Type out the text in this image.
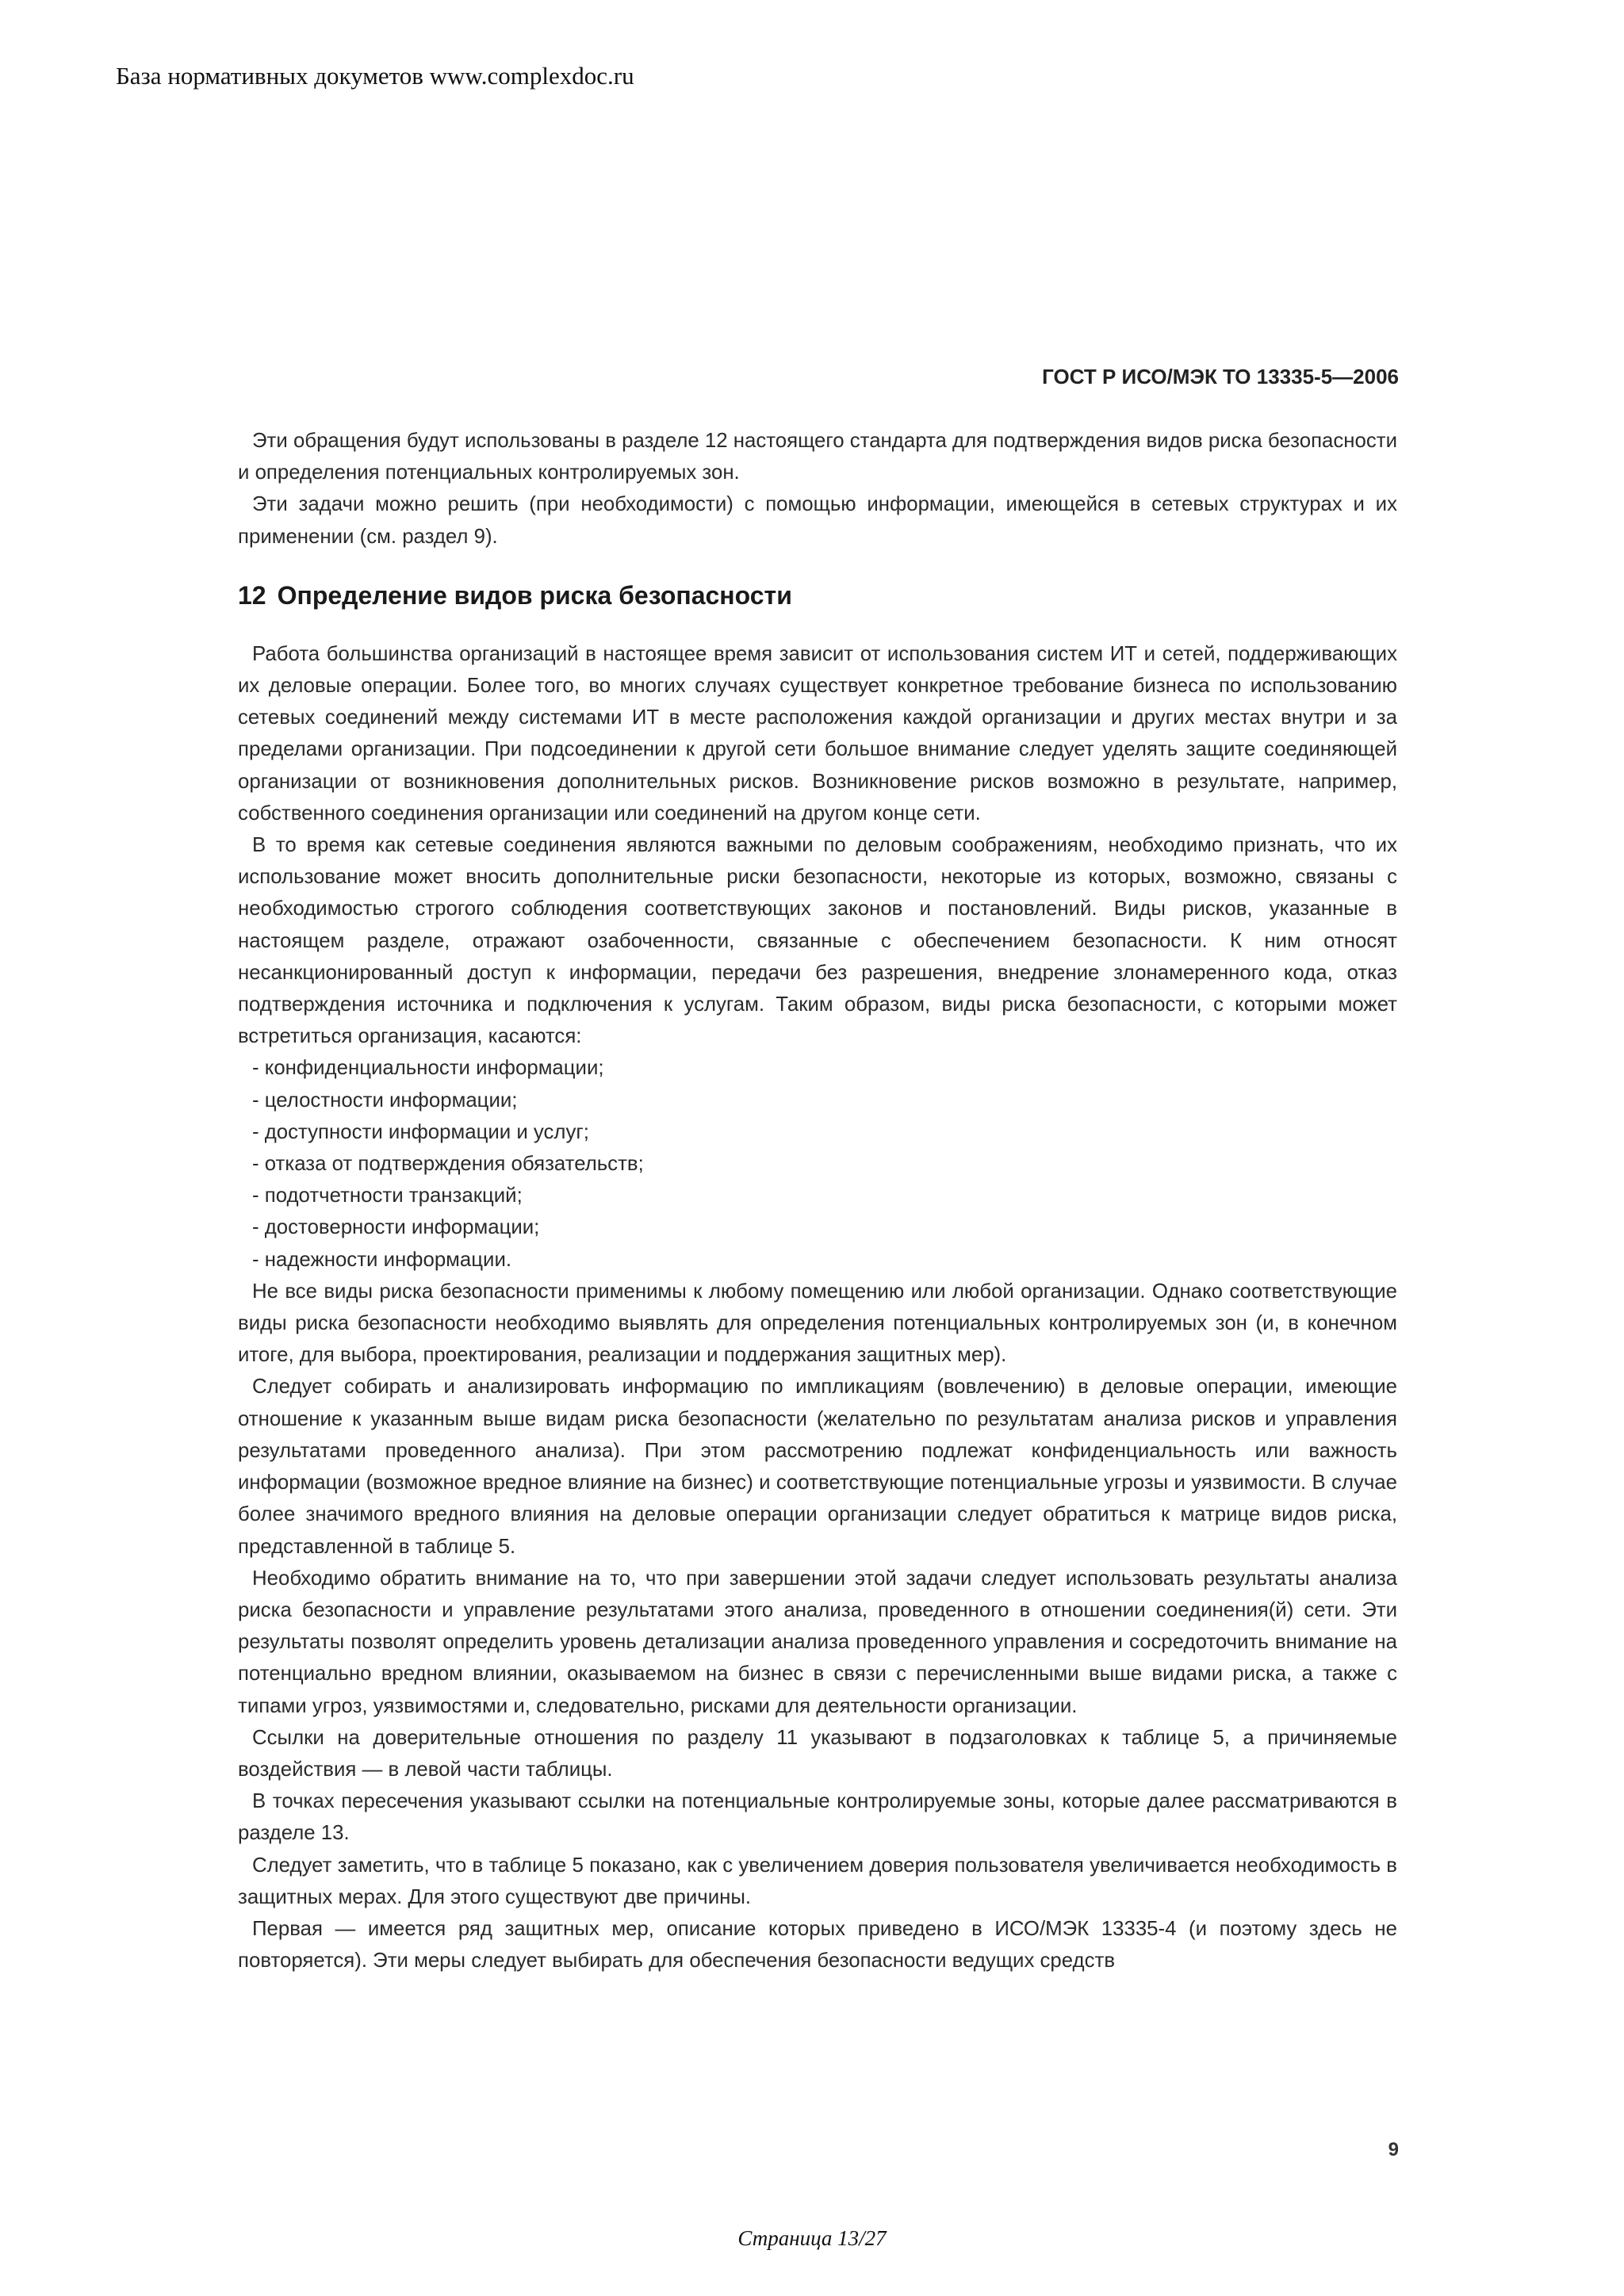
База нормативных докуметов www.complexdoc.ru
ГОСТ Р ИСО/МЭК ТО 13335-5—2006

Эти обращения будут использованы в разделе 12 настоящего стандарта для подтверждения видов риска безопасности и определения потенциальных контролируемых зон.

Эти задачи можно решить (при необходимости) с помощью информации, имеющейся в сетевых структурах и их применении (см. раздел 9).

12 Определение видов риска безопасности

Работа большинства организаций в настоящее время зависит от использования систем ИТ и сетей, поддерживающих их деловые операции. Более того, во многих случаях существует конкретное требование бизнеса по использованию сетевых соединений между системами ИТ в месте расположения каждой организации и других местах внутри и за пределами организации. При подсоединении к другой сети большое внимание следует уделять защите соединяющей организации от возникновения дополнительных рисков. Возникновение рисков возможно в результате, например, собственного соединения организации или соединений на другом конце сети.

В то время как сетевые соединения являются важными по деловым соображениям, необходимо признать, что их использование может вносить дополнительные риски безопасности, некоторые из которых, возможно, связаны с необходимостью строгого соблюдения соответствующих законов и постановлений. Виды рисков, указанные в настоящем разделе, отражают озабоченности, связанные с обеспечением безопасности. К ним относят несанкционированный доступ к информации, передачи без разрешения, внедрение злонамеренного кода, отказ подтверждения источника и подключения к услугам. Таким образом, виды риска безопасности, с которыми может встретиться организация, касаются:

- конфиденциальности информации;
- целостности информации;
- доступности информации и услуг;
- отказа от подтверждения обязательств;
- подотчетности транзакций;
- достоверности информации;
- надежности информации.

Не все виды риска безопасности применимы к любому помещению или любой организации. Однако соответствующие виды риска безопасности необходимо выявлять для определения потенциальных контролируемых зон (и, в конечном итоге, для выбора, проектирования, реализации и поддержания защитных мер).

Следует собирать и анализировать информацию по импликациям (вовлечению) в деловые операции, имеющие отношение к указанным выше видам риска безопасности (желательно по результатам анализа рисков и управления результатами проведенного анализа). При этом рассмотрению подлежат конфиденциальность или важность информации (возможное вредное влияние на бизнес) и соответствующие потенциальные угрозы и уязвимости. В случае более значимого вредного влияния на деловые операции организации следует обратиться к матрице видов риска, представленной в таблице 5.

Необходимо обратить внимание на то, что при завершении этой задачи следует использовать результаты анализа риска безопасности и управление результатами этого анализа, проведенного в отношении соединения(й) сети. Эти результаты позволят определить уровень детализации анализа проведенного управления и сосредоточить внимание на потенциально вредном влиянии, оказываемом на бизнес в связи с перечисленными выше видами риска, а также с типами угроз, уязвимостями и, следовательно, рисками для деятельности организации.

Ссылки на доверительные отношения по разделу 11 указывают в подзаголовках к таблице 5, а причиняемые воздействия — в левой части таблицы.

В точках пересечения указывают ссылки на потенциальные контролируемые зоны, которые далее рассматриваются в разделе 13.

Следует заметить, что в таблице 5 показано, как с увеличением доверия пользователя увеличивается необходимость в защитных мерах. Для этого существуют две причины.

Первая — имеется ряд защитных мер, описание которых приведено в ИСО/МЭК 13335-4 (и поэтому здесь не повторяется). Эти меры следует выбирать для обеспечения безопасности ведущих средств

9
Страница 13/27
